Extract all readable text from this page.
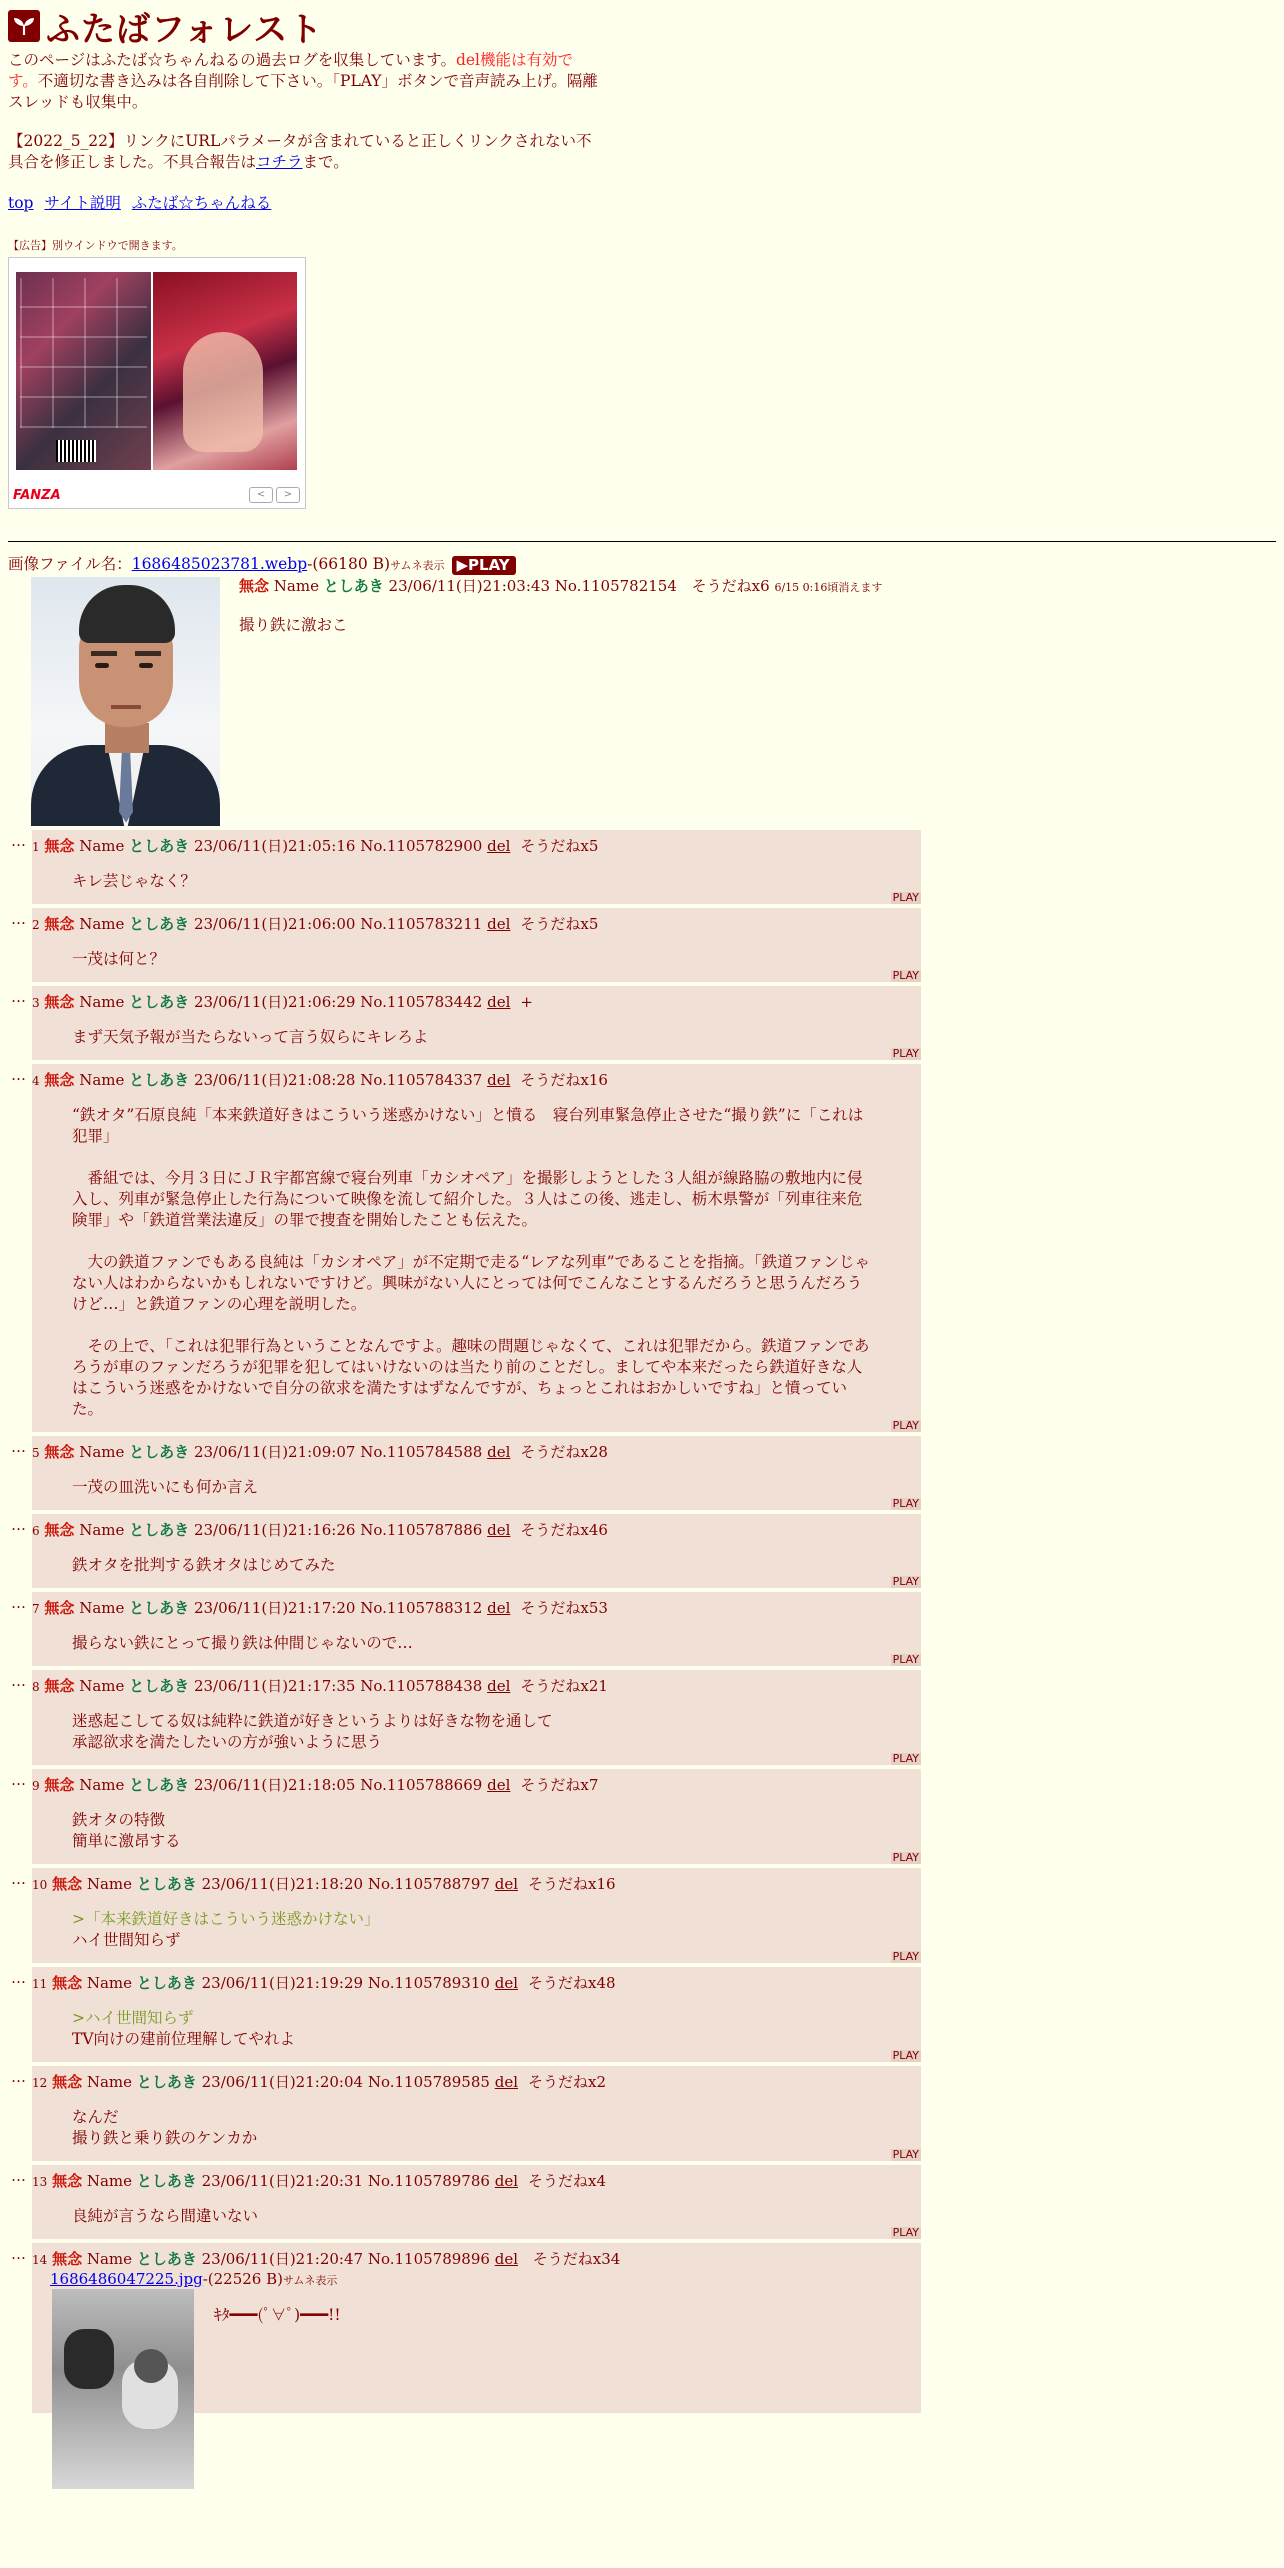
ふたばフォレスト

このページはふたば☆ちゃんねるの過去ログを収集しています。del機能は有効です。不適切な書き込みは各自削除して下さい。「PLAY」ボタンで音声読み上げ。隔離スレッドも収集中。

【2022_5_22】リンクにURLパラメータが含まれていると正しくリンクされない不具合を修正しました。不具合報告はコチラまで。

top サイト説明 ふたば☆ちゃんねる
【広告】別ウインドウで開きます。
FANZA	<	>
画像ファイル名：1686485023781.webp-(66180 B)サムネ表示 ▶PLAY
無念 Name としあき 23/06/11(日)21:03:43 No.1105782154 そうだねx6 6/15 0:16頃消えます
撮り鉄に激おこ
… 1 無念 Name としあき 23/06/11(日)21:05:16 No.1105782900 del そうだねx5
キレ芸じゃなく？
PLAY
… 2 無念 Name としあき 23/06/11(日)21:06:00 No.1105783211 del そうだねx5
一茂は何と？
PLAY
… 3 無念 Name としあき 23/06/11(日)21:06:29 No.1105783442 del +
まず天気予報が当たらないって言う奴らにキレろよ
PLAY
… 4 無念 Name としあき 23/06/11(日)21:08:28 No.1105784337 del そうだねx16

“鉄オタ”石原良純「本来鉄道好きはこういう迷惑かけない」と憤る　寝台列車緊急停止させた“撮り鉄”に「これは犯罪」

　番組では、今月３日にＪＲ宇都宮線で寝台列車「カシオペア」を撮影しようとした３人組が線路脇の敷地内に侵入し、列車が緊急停止した行為について映像を流して紹介した。３人はこの後、逃走し、栃木県警が「列車往来危険罪」や「鉄道営業法違反」の罪で捜査を開始したことも伝えた。

　大の鉄道ファンでもある良純は「カシオペア」が不定期で走る“レアな列車”であることを指摘。「鉄道ファンじゃない人はわからないかもしれないですけど。興味がない人にとっては何でこんなことするんだろうと思うんだろうけど…」と鉄道ファンの心理を説明した。

　その上で、「これは犯罪行為ということなんですよ。趣味の問題じゃなくて、これは犯罪だから。鉄道ファンであろうが車のファンだろうが犯罪を犯してはいけないのは当たり前のことだし。ましてや本来だったら鉄道好きな人はこういう迷惑をかけないで自分の欲求を満たすはずなんですが、ちょっとこれはおかしいですね」と憤っていた。

PLAY
… 5 無念 Name としあき 23/06/11(日)21:09:07 No.1105784588 del そうだねx28
一茂の皿洗いにも何か言え
PLAY
… 6 無念 Name としあき 23/06/11(日)21:16:26 No.1105787886 del そうだねx46
鉄オタを批判する鉄オタはじめてみた
PLAY
… 7 無念 Name としあき 23/06/11(日)21:17:20 No.1105788312 del そうだねx53
撮らない鉄にとって撮り鉄は仲間じゃないので…
PLAY
… 8 無念 Name としあき 23/06/11(日)21:17:35 No.1105788438 del そうだねx21
迷惑起こしてる奴は純粋に鉄道が好きというよりは好きな物を通して
承認欲求を満たしたいの方が強いように思う
PLAY
… 9 無念 Name としあき 23/06/11(日)21:18:05 No.1105788669 del そうだねx7
鉄オタの特徴
簡単に激昂する
PLAY
… 10 無念 Name としあき 23/06/11(日)21:18:20 No.1105788797 del そうだねx16
>「本来鉄道好きはこういう迷惑かけない」
ハイ世間知らず
PLAY
… 11 無念 Name としあき 23/06/11(日)21:19:29 No.1105789310 del そうだねx48
>ハイ世間知らず
TV向けの建前位理解してやれよ
PLAY
… 12 無念 Name としあき 23/06/11(日)21:20:04 No.1105789585 del そうだねx2
なんだ
撮り鉄と乗り鉄のケンカか
PLAY
… 13 無念 Name としあき 23/06/11(日)21:20:31 No.1105789786 del そうだねx4
良純が言うなら間違いない
PLAY
… 14 無念 Name としあき 23/06/11(日)21:20:47 No.1105789896 del そうだねx34
1686486047225.jpg-(22526 B)サムネ表示
ｷﾀ━━━(ﾟ∀ﾟ)━━━!!
